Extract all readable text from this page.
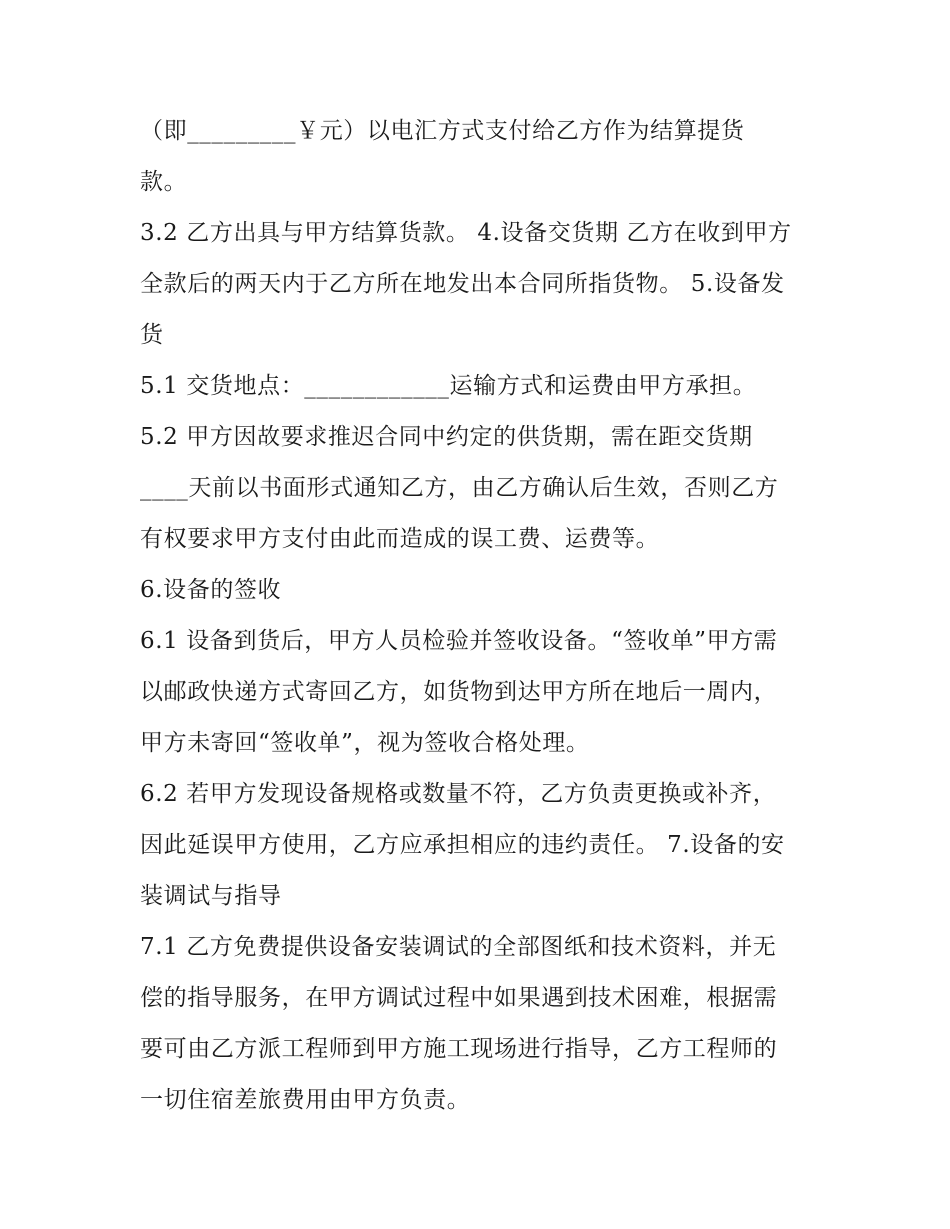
（即_________￥元）以电汇方式支付给乙方作为结算提货
款。
3.2 乙方出具与甲方结算货款。 4.设备交货期 乙方在收到甲方
全款后的两天内于乙方所在地发出本合同所指货物。 5.设备发
货
5.1 交货地点：____________运输方式和运费由甲方承担。
5.2 甲方因故要求推迟合同中约定的供货期，需在距交货期
____天前以书面形式通知乙方，由乙方确认后生效，否则乙方
有权要求甲方支付由此而造成的误工费、运费等。
6.设备的签收
6.1 设备到货后，甲方人员检验并签收设备。“签收单”甲方需
以邮政快递方式寄回乙方，如货物到达甲方所在地后一周内，
甲方未寄回“签收单”，视为签收合格处理。
6.2 若甲方发现设备规格或数量不符，乙方负责更换或补齐，
因此延误甲方使用，乙方应承担相应的违约责任。 7.设备的安
装调试与指导
7.1 乙方免费提供设备安装调试的全部图纸和技术资料，并无
偿的指导服务，在甲方调试过程中如果遇到技术困难，根据需
要可由乙方派工程师到甲方施工现场进行指导，乙方工程师的
一切住宿差旅费用由甲方负责。
